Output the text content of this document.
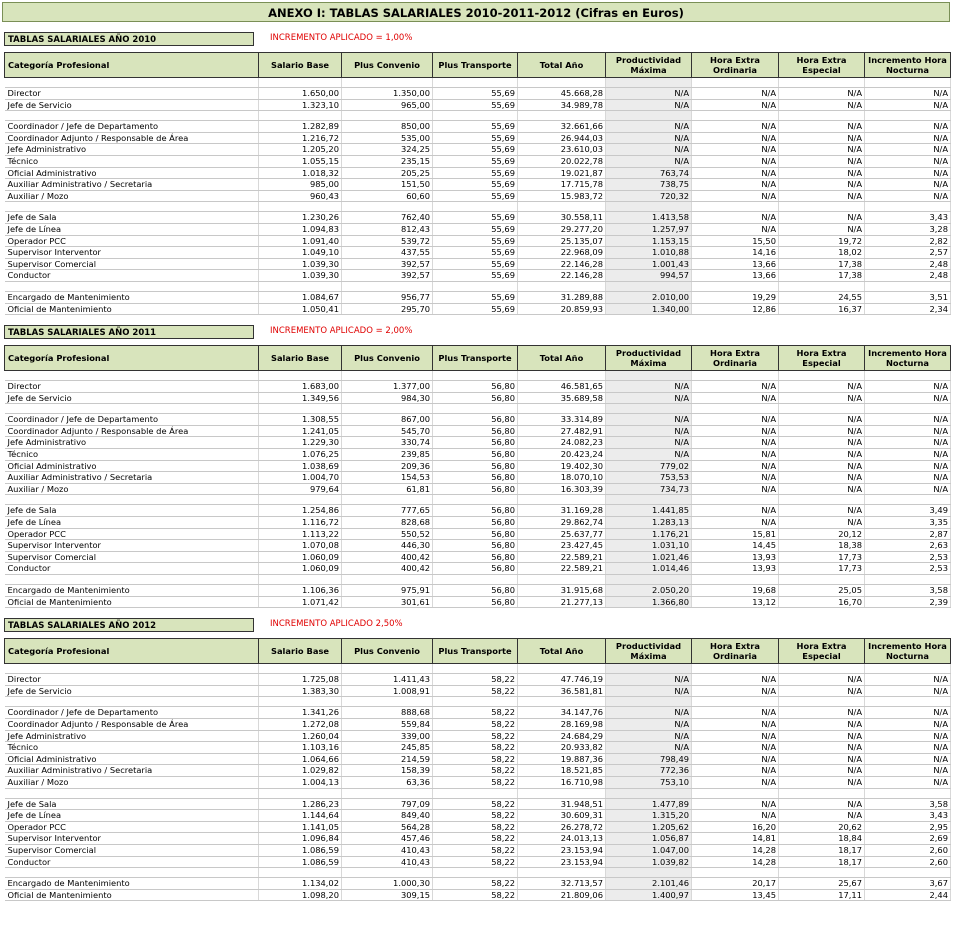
ANEXO I: TABLAS SALARIALES 2010-2011-2012 (Cifras en Euros)
TABLAS SALARIALES AÑO 2010	INCREMENTO APLICADO = 1,00%
Categoría Profesional	Salario Base	Plus Convenio	Plus Transporte	Total Año	Productividad Máxima	Hora Extra Ordinaria	Hora Extra Especial	Incremento Hora Nocturna

Director	1.650,00	1.350,00	55,69	45.668,28	N/A	N/A	N/A	N/A
Jefe de Servicio	1.323,10	965,00	55,69	34.989,78	N/A	N/A	N/A	N/A

Coordinador / Jefe de Departamento	1.282,89	850,00	55,69	32.661,66	N/A	N/A	N/A	N/A
Coordinador Adjunto / Responsable de Área	1.216,72	535,00	55,69	26.944,03	N/A	N/A	N/A	N/A
Jefe Administrativo	1.205,20	324,25	55,69	23.610,03	N/A	N/A	N/A	N/A
Técnico	1.055,15	235,15	55,69	20.022,78	N/A	N/A	N/A	N/A
Oficial Administrativo	1.018,32	205,25	55,69	19.021,87	763,74	N/A	N/A	N/A
Auxiliar Administrativo / Secretaria	985,00	151,50	55,69	17.715,78	738,75	N/A	N/A	N/A
Auxiliar / Mozo	960,43	60,60	55,69	15.983,72	720,32	N/A	N/A	N/A

Jefe de Sala	1.230,26	762,40	55,69	30.558,11	1.413,58	N/A	N/A	3,43
Jefe de Línea	1.094,83	812,43	55,69	29.277,20	1.257,97	N/A	N/A	3,28
Operador PCC	1.091,40	539,72	55,69	25.135,07	1.153,15	15,50	19,72	2,82
Supervisor Interventor	1.049,10	437,55	55,69	22.968,09	1.010,88	14,16	18,02	2,57
Supervisor Comercial	1.039,30	392,57	55,69	22.146,28	1.001,43	13,66	17,38	2,48
Conductor	1.039,30	392,57	55,69	22.146,28	994,57	13,66	17,38	2,48

Encargado de Mantenimiento	1.084,67	956,77	55,69	31.289,88	2.010,00	19,29	24,55	3,51
Oficial de Mantenimiento	1.050,41	295,70	55,69	20.859,93	1.340,00	12,86	16,37	2,34
TABLAS SALARIALES AÑO 2011	INCREMENTO APLICADO = 2,00%
Categoría Profesional	Salario Base	Plus Convenio	Plus Transporte	Total Año	Productividad Máxima	Hora Extra Ordinaria	Hora Extra Especial	Incremento Hora Nocturna

Director	1.683,00	1.377,00	56,80	46.581,65	N/A	N/A	N/A	N/A
Jefe de Servicio	1.349,56	984,30	56,80	35.689,58	N/A	N/A	N/A	N/A

Coordinador / Jefe de Departamento	1.308,55	867,00	56,80	33.314,89	N/A	N/A	N/A	N/A
Coordinador Adjunto / Responsable de Área	1.241,05	545,70	56,80	27.482,91	N/A	N/A	N/A	N/A
Jefe Administrativo	1.229,30	330,74	56,80	24.082,23	N/A	N/A	N/A	N/A
Técnico	1.076,25	239,85	56,80	20.423,24	N/A	N/A	N/A	N/A
Oficial Administrativo	1.038,69	209,36	56,80	19.402,30	779,02	N/A	N/A	N/A
Auxiliar Administrativo / Secretaria	1.004,70	154,53	56,80	18.070,10	753,53	N/A	N/A	N/A
Auxiliar / Mozo	979,64	61,81	56,80	16.303,39	734,73	N/A	N/A	N/A

Jefe de Sala	1.254,86	777,65	56,80	31.169,28	1.441,85	N/A	N/A	3,49
Jefe de Línea	1.116,72	828,68	56,80	29.862,74	1.283,13	N/A	N/A	3,35
Operador PCC	1.113,22	550,52	56,80	25.637,77	1.176,21	15,81	20,12	2,87
Supervisor Interventor	1.070,08	446,30	56,80	23.427,45	1.031,10	14,45	18,38	2,63
Supervisor Comercial	1.060,09	400,42	56,80	22.589,21	1.021,46	13,93	17,73	2,53
Conductor	1.060,09	400,42	56,80	22.589,21	1.014,46	13,93	17,73	2,53

Encargado de Mantenimiento	1.106,36	975,91	56,80	31.915,68	2.050,20	19,68	25,05	3,58
Oficial de Mantenimiento	1.071,42	301,61	56,80	21.277,13	1.366,80	13,12	16,70	2,39
TABLAS SALARIALES AÑO 2012	INCREMENTO APLICADO 2,50%
Categoría Profesional	Salario Base	Plus Convenio	Plus Transporte	Total Año	Productividad Máxima	Hora Extra Ordinaria	Hora Extra Especial	Incremento Hora Nocturna

Director	1.725,08	1.411,43	58,22	47.746,19	N/A	N/A	N/A	N/A
Jefe de Servicio	1.383,30	1.008,91	58,22	36.581,81	N/A	N/A	N/A	N/A

Coordinador / Jefe de Departamento	1.341,26	888,68	58,22	34.147,76	N/A	N/A	N/A	N/A
Coordinador Adjunto / Responsable de Área	1.272,08	559,84	58,22	28.169,98	N/A	N/A	N/A	N/A
Jefe Administrativo	1.260,04	339,00	58,22	24.684,29	N/A	N/A	N/A	N/A
Técnico	1.103,16	245,85	58,22	20.933,82	N/A	N/A	N/A	N/A
Oficial Administrativo	1.064,66	214,59	58,22	19.887,36	798,49	N/A	N/A	N/A
Auxiliar Administrativo / Secretaria	1.029,82	158,39	58,22	18.521,85	772,36	N/A	N/A	N/A
Auxiliar / Mozo	1.004,13	63,36	58,22	16.710,98	753,10	N/A	N/A	N/A

Jefe de Sala	1.286,23	797,09	58,22	31.948,51	1.477,89	N/A	N/A	3,58
Jefe de Línea	1.144,64	849,40	58,22	30.609,31	1.315,20	N/A	N/A	3,43
Operador PCC	1.141,05	564,28	58,22	26.278,72	1.205,62	16,20	20,62	2,95
Supervisor Interventor	1.096,84	457,46	58,22	24.013,13	1.056,87	14,81	18,84	2,69
Supervisor Comercial	1.086,59	410,43	58,22	23.153,94	1.047,00	14,28	18,17	2,60
Conductor	1.086,59	410,43	58,22	23.153,94	1.039,82	14,28	18,17	2,60

Encargado de Mantenimiento	1.134,02	1.000,30	58,22	32.713,57	2.101,46	20,17	25,67	3,67
Oficial de Mantenimiento	1.098,20	309,15	58,22	21.809,06	1.400,97	13,45	17,11	2,44
